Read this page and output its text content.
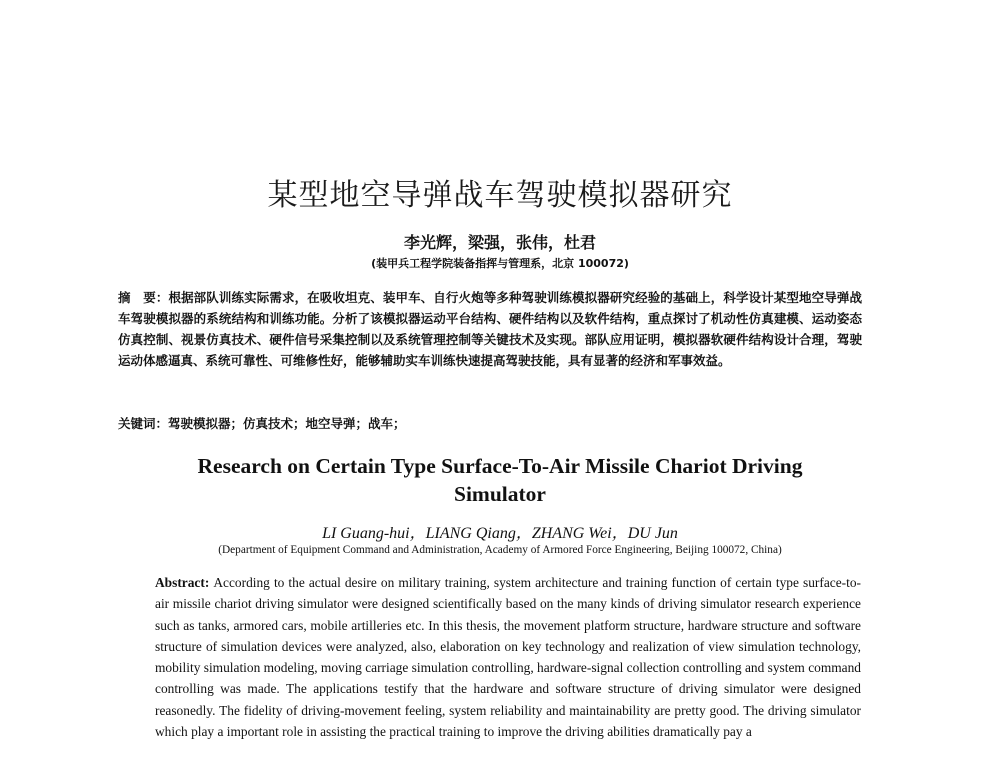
某型地空导弹战车驾驶模拟器研究
李光辉，梁强，张伟，杜君
(装甲兵工程学院装备指挥与管理系，北京 100072)
摘　要：根据部队训练实际需求，在吸收坦克、装甲车、自行火炮等多种驾驶训练模拟器研究经验的基础上，科学设计某型地空导弹战车驾驶模拟器的系统结构和训练功能。分析了该模拟器运动平台结构、硬件结构以及软件结构，重点探讨了机动性仿真建模、运动姿态仿真控制、视景仿真技术、硬件信号采集控制以及系统管理控制等关键技术及实现。部队应用证明，模拟器软硬件结构设计合理，驾驶运动体感逼真、系统可靠性、可维修性好，能够辅助实车训练快速提高驾驶技能，具有显著的经济和军事效益。
关键词：驾驶模拟器；仿真技术；地空导弹；战车；
Research on Certain Type Surface-To-Air Missile Chariot Driving Simulator
LI Guang-hui，LIANG Qiang，ZHANG Wei，DU Jun
(Department of Equipment Command and Administration, Academy of Armored Force Engineering, Beijing 100072, China)
Abstract: According to the actual desire on military training, system architecture and training function of certain type surface-to-air missile chariot driving simulator were designed scientifically based on the many kinds of driving simulator research experience such as tanks, armored cars, mobile artilleries etc. In this thesis, the movement platform structure, hardware structure and software structure of simulation devices were analyzed, also, elaboration on key technology and realization of view simulation technology, mobility simulation modeling, moving carriage simulation controlling, hardware-signal collection controlling and system command controlling was made. The applications testify that the hardware and software structure of driving simulator were designed reasonedly. The fidelity of driving-movement feeling, system reliability and maintainability are pretty good. The driving simulator which play a important role in assisting the practical training to improve the driving abilities dramatically pay a
